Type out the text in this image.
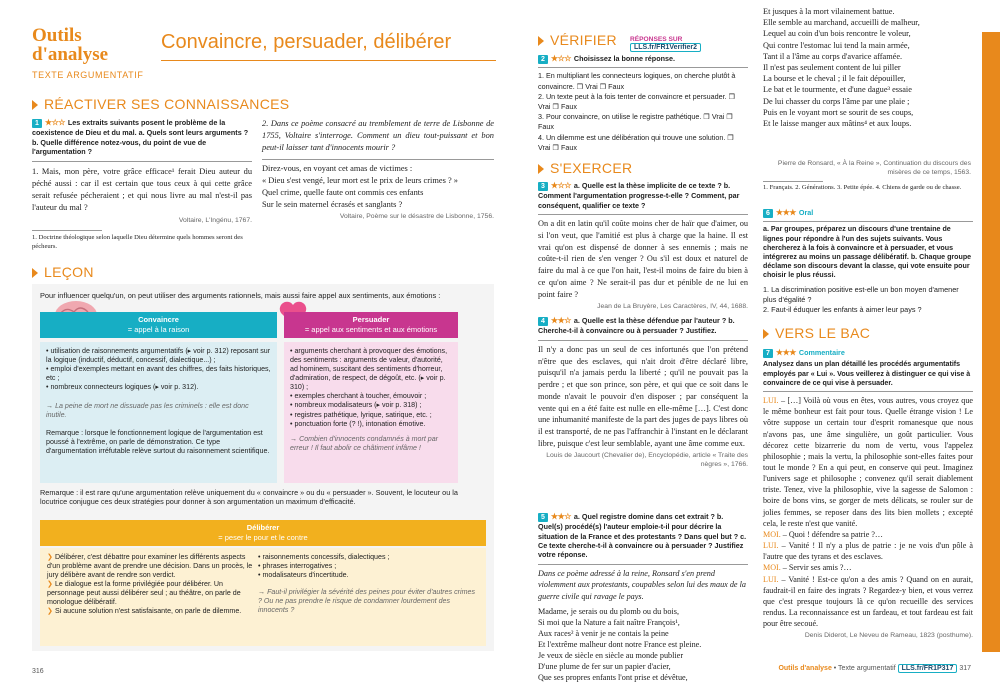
Outils
d'analyse
TEXTE ARGUMENTATIF
Convaincre, persuader, délibérer
RÉACTIVER SES CONNAISSANCES
1 ★☆☆ Les extraits suivants posent le problème de la coexistence de Dieu et du mal. a. Quels sont leurs arguments ? b. Quelle différence notez-vous, du point de vue de l'argumentation ?
1. Mais, mon père, votre grâce efficace¹ ferait Dieu auteur du péché aussi : car il est certain que tous ceux à qui cette grâce serait refusée pécheraient ; et qui nous livre au mal n'est-il pas l'auteur du mal ?
Voltaire, L'Ingénu, 1767.
1. Doctrine théologique selon laquelle Dieu détermine quels hommes seront des pécheurs.
2. Dans ce poème consacré au tremblement de terre de Lisbonne de 1755, Voltaire s'interroge. Comment un dieu tout-puissant et bon peut-il laisser tant d'innocents mourir ?
Direz-vous, en voyant cet amas de victimes :
« Dieu s'est vengé, leur mort est le prix de leurs crimes ? »
Quel crime, quelle faute ont commis ces enfants
Sur le sein maternel écrasés et sanglants ?
Voltaire, Poème sur le désastre de Lisbonne, 1756.
LEÇON
Pour influencer quelqu'un, on peut utiliser des arguments rationnels, mais aussi faire appel aux sentiments, aux émotions :
Convaincre
= appel à la raison
Persuader
= appel aux sentiments et aux émotions
• utilisation de raisonnements argumentatifs (▸ voir p. 312) reposant sur la logique (inductif, déductif, concessif, dialectique...) ;
• emploi d'exemples mettant en avant des chiffres, des faits historiques, etc ;
• nombreux connecteurs logiques (▸ voir p. 312).
→ La peine de mort ne dissuade pas les criminels : elle est donc inutile.
Remarque : lorsque le fonctionnement logique de l'argumentation est poussé à l'extrême, on parle de démonstration. Ce type d'argumentation irréfutable relève surtout du raisonnement scientifique.
• arguments cherchant à provoquer des émotions, des sentiments : arguments de valeur, d'autorité, ad hominem, suscitant des sentiments d'horreur, d'admiration, de respect, de dégoût, etc. (▸ voir p. 310) ;
• exemples cherchant à toucher, émouvoir ;
• nombreux modalisateurs (▸ voir p. 318) ;
• registres pathétique, lyrique, satirique, etc. ;
• ponctuation forte (? !), intonation émotive.
→ Combien d'innocents condamnés à mort par erreur ! Il faut abolir ce châtiment infâme !
Remarque : il est rare qu'une argumentation relève uniquement du « convaincre » ou du « persuader ». Souvent, le locuteur ou la locutrice conjugue ces deux stratégies pour donner à son argumentation un maximum d'efficacité.
Délibérer
= peser le pour et le contre
❯ Délibérer, c'est débattre pour examiner les différents aspects d'un problème avant de prendre une décision. Dans un procès, le jury délibère avant de rendre son verdict.
❯ Le dialogue est la forme privilégiée pour délibérer. Un personnage peut aussi délibérer seul ; au théâtre, on parle de monologue délibératif.
❯ Si aucune solution n'est satisfaisante, on parle de dilemme.
• raisonnements concessifs, dialectiques ;
• phrases interrogatives ;
• modalisateurs d'incertitude.
→ Faut-il privilégier la sévérité des peines pour éviter d'autres crimes ? Ou ne pas prendre le risque de condamner lourdement des innocents ?
316
VÉRIFIER RÉPONSES SUR LLS.fr/FR1Verifier2
2 ★☆☆ Choisissez la bonne réponse.
1. En multipliant les connecteurs logiques, on cherche plutôt à convaincre. ❒ Vrai ❒ Faux
2. Un texte peut à la fois tenter de convaincre et persuader. ❒ Vrai ❒ Faux
3. Pour convaincre, on utilise le registre pathétique. ❒ Vrai ❒ Faux
4. Un dilemme est une délibération qui trouve une solution. ❒ Vrai ❒ Faux
S'EXERCER
3 ★☆☆ a. Quelle est la thèse implicite de ce texte ? b. Comment l'argumentation progresse-t-elle ? Comment, par conséquent, qualifier ce texte ?
On a dit en latin qu'il coûte moins cher de haïr que d'aimer, ou si l'on veut, que l'amitié est plus à charge que la haine. Il est vrai qu'on est dispensé de donner à ses ennemis ; mais ne coûte-t-il rien de s'en venger ? Ou s'il est doux et naturel de faire du mal à ce que l'on hait, l'est-il moins de faire du bien à ce qu'on aime ? Ne serait-il pas dur et pénible de ne lui en point faire ?
Jean de La Bruyère, Les Caractères, IV, 44, 1688.
4 ★★☆ a. Quelle est la thèse défendue par l'auteur ? b. Cherche-t-il à convaincre ou à persuader ? Justifiez.
Il n'y a donc pas un seul de ces infortunés que l'on prétend n'être que des esclaves, qui n'ait droit d'être déclaré libre, puisqu'il n'a jamais perdu la liberté ; qu'il ne pouvait pas la perdre ; et que son prince, son père, et qui que ce soit dans le monde n'avait le pouvoir d'en disposer ; par conséquent la vente qui en a été faite est nulle en elle-même […]. C'est donc une inhumanité manifeste de la part des juges de pays libres où il est transporté, de ne pas l'affranchir à l'instant en le déclarant libre, puisque c'est leur semblable, ayant une âme comme eux.
Louis de Jaucourt (Chevalier de), Encyclopédie, article « Traite des nègres », 1766.
5 ★★☆ a. Quel registre domine dans cet extrait ? b. Quel(s) procédé(s) l'auteur emploie-t-il pour décrire la situation de la France et des protestants ? Dans quel but ? c. Ce texte cherche-t-il à convaincre ou à persuader ? Justifiez votre réponse.
Dans ce poème adressé à la reine, Ronsard s'en prend violemment aux protestants, coupables selon lui des maux de la guerre civile qui ravage le pays.
Madame, je serais ou du plomb ou du bois,
Si moi que la Nature a fait naître François¹,
Aux races² à venir je ne contais la peine
Et l'extrême malheur dont notre France est pleine.
Je veux de siècle en siècle au monde publier
D'une plume de fer sur un papier d'acier,
Que ses propres enfants l'ont prise et dévêtue,
Et jusques à la mort vilainement battue.
Elle semble au marchand, accueilli de malheur,
Lequel au coin d'un bois rencontre le voleur,
Qui contre l'estomac lui tend la main armée,
Tant il a l'âme au corps d'avarice affamée.
Il n'est pas seulement content de lui piller
La bourse et le cheval ; il le fait dépouiller,
Le bat et le tourmente, et d'une dague³ essaie
De lui chasser du corps l'âme par une plaie ;
Puis en le voyant mort se sourit de ses coups,
Et le laisse manger aux mâtins⁴ et aux loups.
Pierre de Ronsard, « À la Reine », Continuation du discours des misères de ce temps, 1563.
1. Français. 2. Générations. 3. Petite épée. 4. Chiens de garde ou de chasse.
6 ★★★ Oral
a. Par groupes, préparez un discours d'une trentaine de lignes pour répondre à l'un des sujets suivants. Vous chercherez à la fois à convaincre et à persuader, et vous intégrerez au moins un passage délibératif. b. Chaque groupe déclame son discours devant la classe, qui vote ensuite pour choisir le plus réussi.
1. La discrimination positive est-elle un bon moyen d'amener plus d'égalité ?
2. Faut-il éduquer les enfants à aimer leur pays ?
VERS LE BAC
7 ★★★ Commentaire
Analysez dans un plan détaillé les procédés argumentatifs employés par « Lui ». Vous veillerez à distinguer ce qui vise à convaincre de ce qui vise à persuader.
LUI. – […] Voilà où vous en êtes, vous autres, vous croyez que le même bonheur est fait pour tous. Quelle étrange vision ! Le vôtre suppose un certain tour d'esprit romanesque que nous n'avons pas, une âme singulière, un goût particulier. Vous décorez cette bizarrerie du nom de vertu, vous l'appelez philosophie ; mais la vertu, la philosophie sont-elles faites pour tout le monde ? En a qui peut, en conserve qui peut. Imaginez l'univers sage et philosophe ; convenez qu'il serait diablement triste. Tenez, vive la philosophie, vive la sagesse de Salomon : boire de bons vins, se gorger de mets délicats, se rouler sur de jolies femmes, se reposer dans des lits bien mollets ; excepté cela, le reste n'est que vanité.
MOI. – Quoi ! défendre sa patrie ?…
LUI. – Vanité ! Il n'y a plus de patrie : je ne vois d'un pôle à l'autre que des tyrans et des esclaves.
MOI. – Servir ses amis ?…
LUI. – Vanité ! Est-ce qu'on a des amis ? Quand on en aurait, faudrait-il en faire des ingrats ? Regardez-y bien, et vous verrez que c'est presque toujours là ce qu'on recueille des services rendus. La reconnaissance est un fardeau, et tout fardeau est fait pour être secoué.
Denis Diderot, Le Neveu de Rameau, 1823 (posthume).
Outils d'analyse • Texte argumentatif LLS.fr/FR1P317 317
